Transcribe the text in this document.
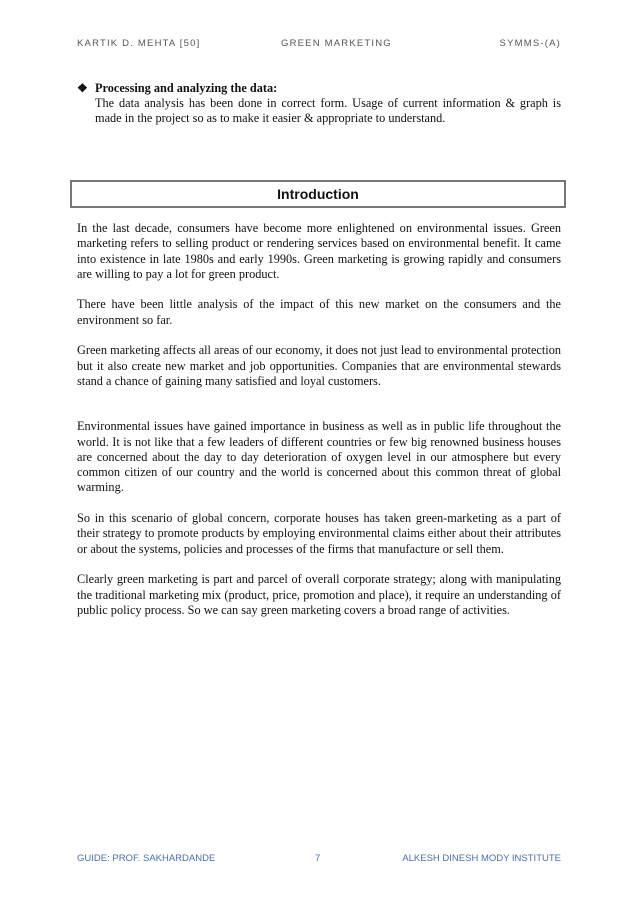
KARTIK D. MEHTA [50]	GREEN MARKETING	SYMMS-(A)
❖ Processing and analyzing the data:
The data analysis has been done in correct form. Usage of current information & graph is made in the project so as to make it easier & appropriate to understand.
Introduction

In the last decade, consumers have become more enlightened on environmental issues. Green marketing refers to selling product or rendering services based on environmental benefit. It came into existence in late 1980s and early 1990s. Green marketing is growing rapidly and consumers are willing to pay a lot for green product.

There have been little analysis of the impact of this new market on the consumers and the environment so far.

Green marketing affects all areas of our economy, it does not just lead to environmental protection but it also create new market and job opportunities. Companies that are environmental stewards stand a chance of gaining many satisfied and loyal customers.

Environmental issues have gained importance in business as well as in public life throughout the world. It is not like that a few leaders of different countries or few big renowned business houses are concerned about the day to day deterioration of oxygen level in our atmosphere but every common citizen of our country and the world is concerned about this common threat of global warming.

So in this scenario of global concern, corporate houses has taken green-marketing as a part of their strategy to promote products by employing environmental claims either about their attributes or about the systems, policies and processes of the firms that manufacture or sell them.

Clearly green marketing is part and parcel of overall corporate strategy; along with manipulating the traditional marketing mix (product, price, promotion and place), it require an understanding of public policy process. So we can say green marketing covers a broad range of activities.

GUIDE: PROF. SAKHARDANDE	7	ALKESH DINESH MODY INSTITUTE
